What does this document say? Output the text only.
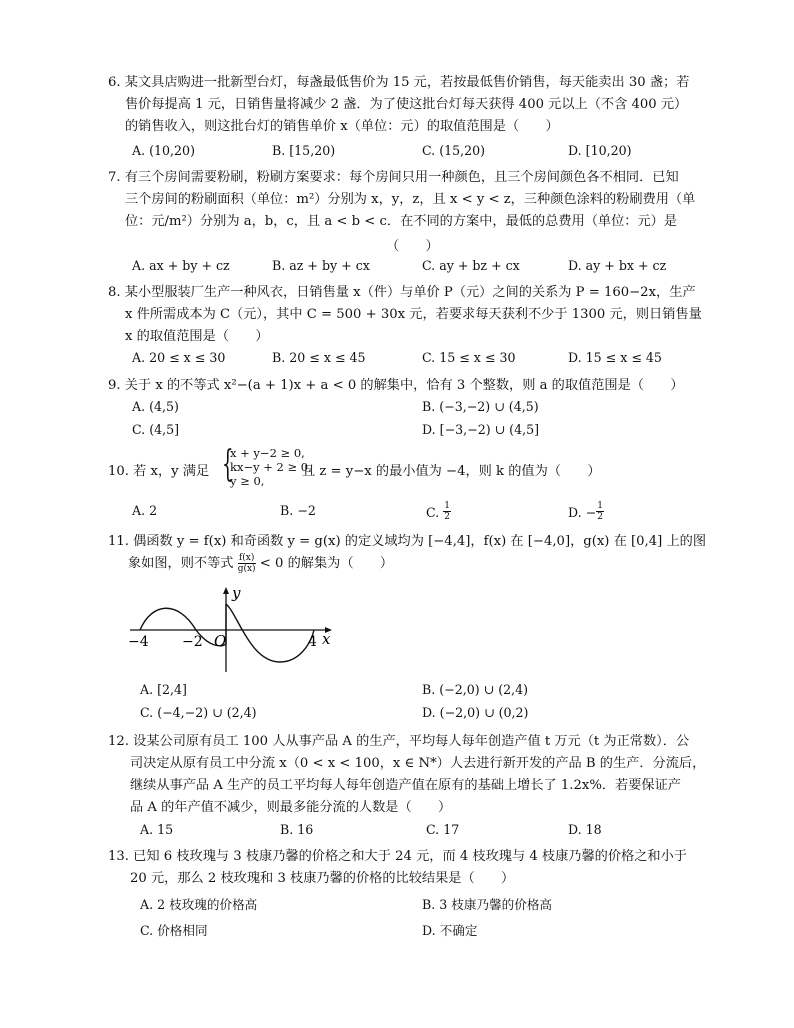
6. 某文具店购进一批新型台灯，每盏最低售价为 15 元，若按最低售价销售，每天能卖出 30 盏；若
售价每提高 1 元，日销售量将减少 2 盏．为了使这批台灯每天获得 400 元以上（不含 400 元）
的销售收入，则这批台灯的销售单价 x（单位：元）的取值范围是（　　）
A. (10,20)	B. [15,20)	C. (15,20)	D. [10,20)
7. 有三个房间需要粉刷，粉刷方案要求：每个房间只用一种颜色，且三个房间颜色各不相同．已知
三个房间的粉刷面积（单位：m²）分别为 x，y，z，且 x < y < z，三种颜色涂料的粉刷费用（单
位：元/m²）分别为 a，b，c，且 a < b < c．在不同的方案中，最低的总费用（单位：元）是
（　　）
A. ax + by + cz	B. az + by + cx	C. ay + bz + cx	D. ay + bx + cz
8. 某小型服装厂生产一种风衣，日销售量 x（件）与单价 P（元）之间的关系为 P = 160−2x，生产
x 件所需成本为 C（元），其中 C = 500 + 30x 元，若要求每天获利不少于 1300 元，则日销售量
x 的取值范围是（　　）
A. 20 ≤ x ≤ 30	B. 20 ≤ x ≤ 45	C. 15 ≤ x ≤ 30	D. 15 ≤ x ≤ 45
9. 关于 x 的不等式 x²−(a + 1)x + a < 0 的解集中，恰有 3 个整数，则 a 的取值范围是（　　）
A. (4,5)	B. (−3,−2) ∪ (4,5)
C. (4,5]	D. [−3,−2) ∪ (4,5]
10. 若 x，y 满足 {
x + y−2 ≥ 0,
kx−y + 2 ≥ 0,
y ≥ 0,
且 z = y−x 的最小值为 −4，则 k 的值为（　　）
A. 2	B. −2	C. $\frac{1}{2}$	D. − $\frac{1}{2}$
11. 偶函数 y = f(x) 和奇函数 y = g(x) 的定义域均为 [−4,4]，f(x) 在 [−4,0]，g(x) 在 [0,4] 上的图
象如图，则不等式 $\frac{f(x)}{g(x)} < 0$ 的解集为（　　）
y
x
−4 −2 O	4
A. [2,4]	B. (−2,0) ∪ (2,4)
C. (−4,−2) ∪ (2,4)	D. (−2,0) ∪ (0,2)
12. 设某公司原有员工 100 人从事产品 A 的生产，平均每人每年创造产值 t 万元（t 为正常数）．公
司决定从原有员工中分流 x（0 < x < 100，x ∈ N*）人去进行新开发的产品 B 的生产．分流后，
继续从事产品 A 生产的员工平均每人每年创造产值在原有的基础上增长了 1.2x%．若要保证产
品 A 的年产值不减少，则最多能分流的人数是（　　）
A. 15	B. 16	C. 17	D. 18
13. 已知 6 枝玫瑰与 3 枝康乃馨的价格之和大于 24 元，而 4 枝玫瑰与 4 枝康乃馨的价格之和小于
20 元，那么 2 枝玫瑰和 3 枝康乃馨的价格的比较结果是（　　）
A. 2 枝玫瑰的价格高	B. 3 枝康乃馨的价格高
C. 价格相同	D. 不确定
